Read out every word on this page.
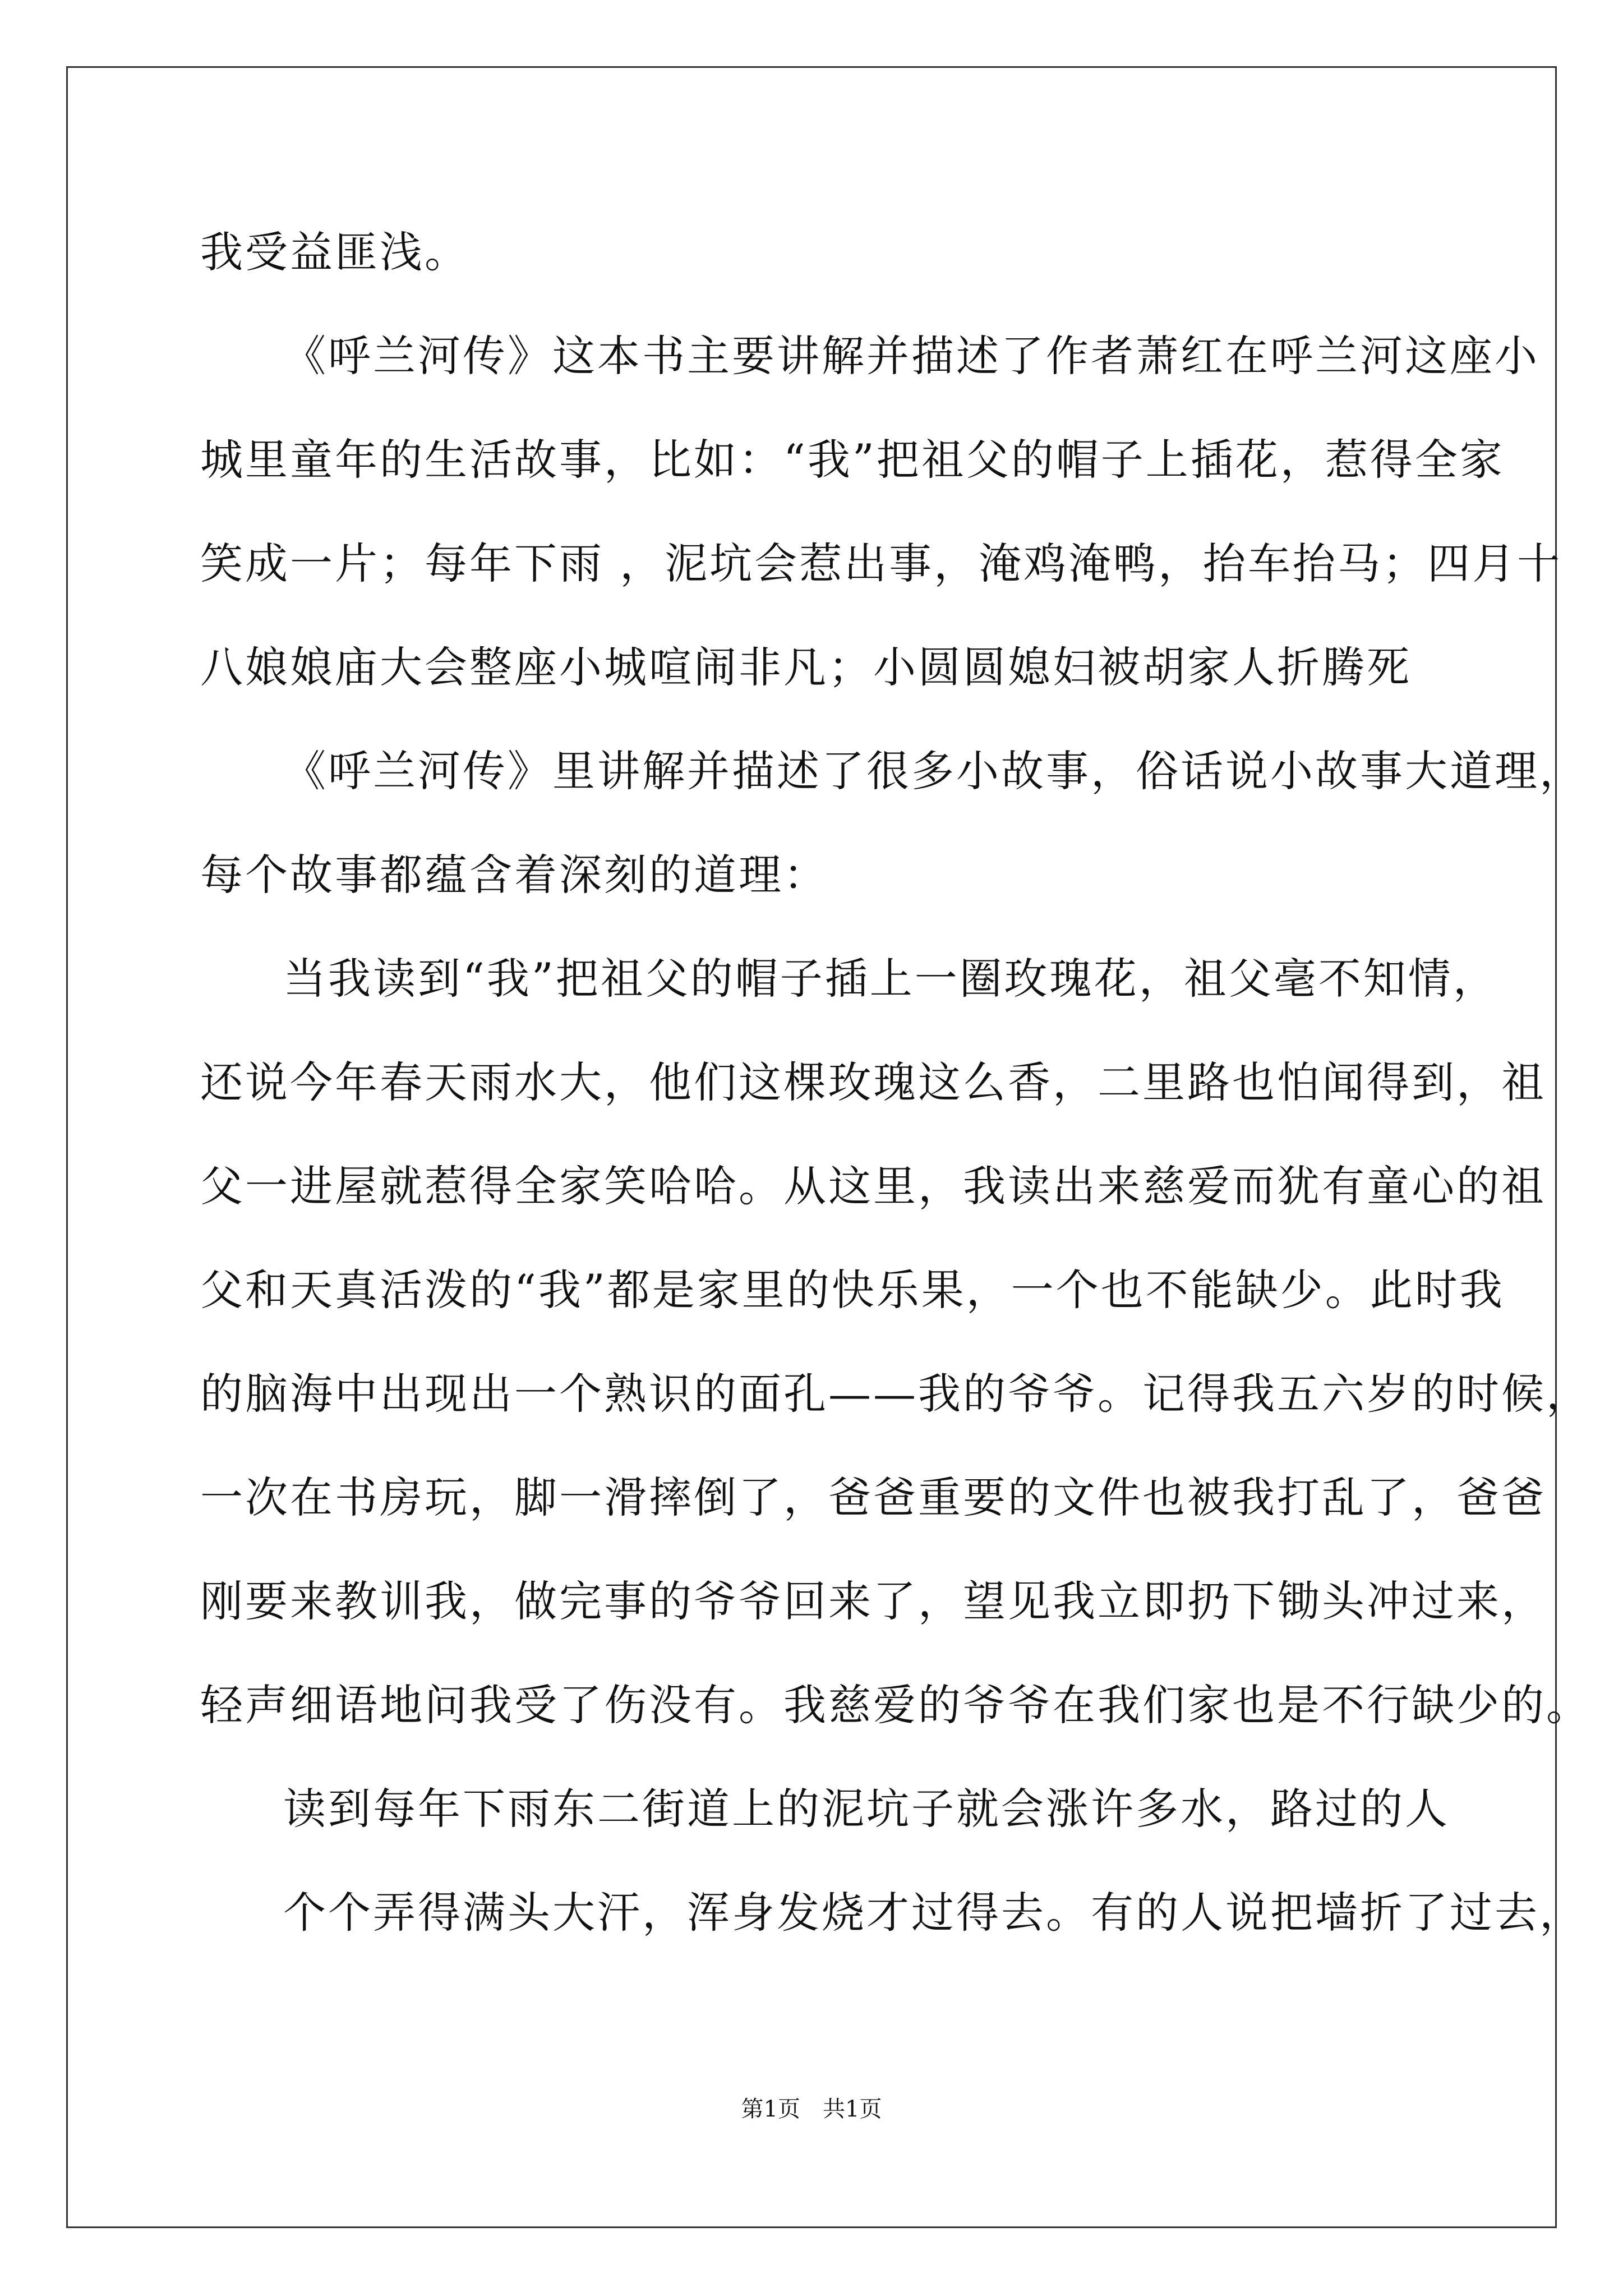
我受益匪浅。
《呼兰河传》这本书主要讲解并描述了作者萧红在呼兰河这座小
城里童年的生活故事，比如：“我”把祖父的帽子上插花，惹得全家
笑成一片；每年下雨 ，泥坑会惹出事，淹鸡淹鸭，抬车抬马；四月十
八娘娘庙大会整座小城喧闹非凡；小圆圆媳妇被胡家人折腾死
《呼兰河传》里讲解并描述了很多小故事，俗话说小故事大道理，
每个故事都蕴含着深刻的道理：
当我读到“我”把祖父的帽子插上一圈玫瑰花，祖父毫不知情，
还说今年春天雨水大，他们这棵玫瑰这么香，二里路也怕闻得到，祖
父一进屋就惹得全家笑哈哈。从这里，我读出来慈爱而犹有童心的祖
父和天真活泼的“我”都是家里的快乐果，一个也不能缺少。此时我
的脑海中出现出一个熟识的面孔——我的爷爷。记得我五六岁的时候，
一次在书房玩，脚一滑摔倒了，爸爸重要的文件也被我打乱了，爸爸
刚要来教训我，做完事的爷爷回来了，望见我立即扔下锄头冲过来，
轻声细语地问我受了伤没有。我慈爱的爷爷在我们家也是不行缺少的。
读到每年下雨东二街道上的泥坑子就会涨许多水，路过的人
个个弄得满头大汗，浑身发烧才过得去。有的人说把墙折了过去，
第1页　共1页
